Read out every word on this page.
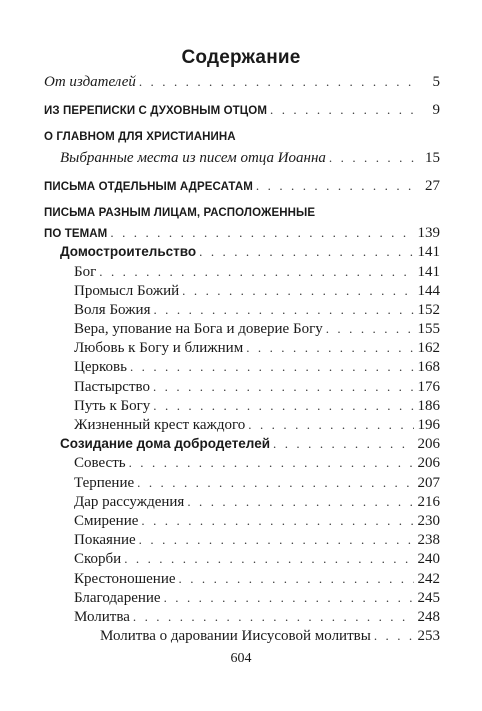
Содержание
От издателей . . .	5
ИЗ ПЕРЕПИСКИ С ДУХОВНЫМ ОТЦОМ . . .	9
О ГЛАВНОМ ДЛЯ ХРИСТИАНИНА
Выбранные места из писем отца Иоанна . . .	15
ПИСЬМА ОТДЕЛЬНЫМ АДРЕСАТАМ . . .	27
ПИСЬМА РАЗНЫМ ЛИЦАМ, РАСПОЛОЖЕННЫЕ
ПО ТЕМАМ . . .	139
Домостроительство . . .	141
Бог . . .	141
Промысл Божий . . .	144
Воля Божия . . .	152
Вера, упование на Бога и доверие Богу . . .	155
Любовь к Богу и ближним . . .	162
Церковь . . .	168
Пастырство . . .	176
Путь к Богу . . .	186
Жизненный крест каждого . . .	196
Созидание дома добродетелей . . .	206
Совесть . . .	206
Терпение . . .	207
Дар рассуждения . . .	216
Смирение . . .	230
Покаяние . . .	238
Скорби . . .	240
Крестоношение . . .	242
Благодарение . . .	245
Молитва . . .	248
Молитва о даровании Иисусовой молитвы . . .	253
604
